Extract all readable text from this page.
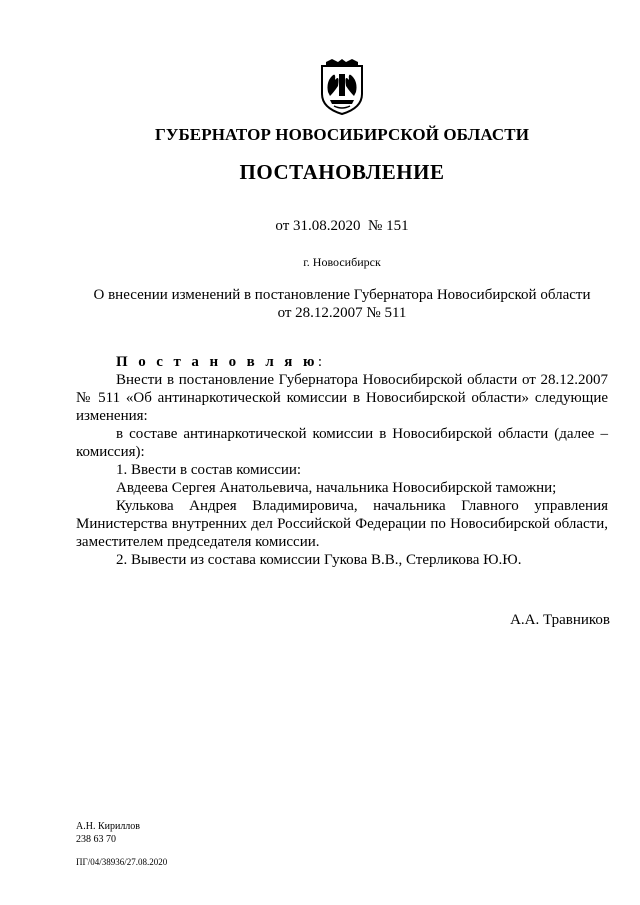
ГУБЕРНАТОР НОВОСИБИРСКОЙ ОБЛАСТИ
ПОСТАНОВЛЕНИЕ
от 31.08.2020  № 151
г. Новосибирск
О внесении изменений в постановление Губернатора Новосибирской области
от 28.12.2007 № 511

П о с т а н о в л я ю:

Внести в постановление Губернатора Новосибирской области от 28.12.2007 № 511 «Об антинаркотической комиссии в Новосибирской области» следующие изменения:

в составе антинаркотической комиссии в Новосибирской области (далее – комиссия):

1. Ввести в состав комиссии:

Авдеева Сергея Анатольевича, начальника Новосибирской таможни;

Кулькова Андрея Владимировича, начальника Главного управления Министерства внутренних дел Российской Федерации по Новосибирской области, заместителем председателя комиссии.

2. Вывести из состава комиссии Гукова В.В., Стерликова Ю.Ю.

А.А. Травников
А.Н. Кириллов
238 63 70
ПГ/04/38936/27.08.2020
